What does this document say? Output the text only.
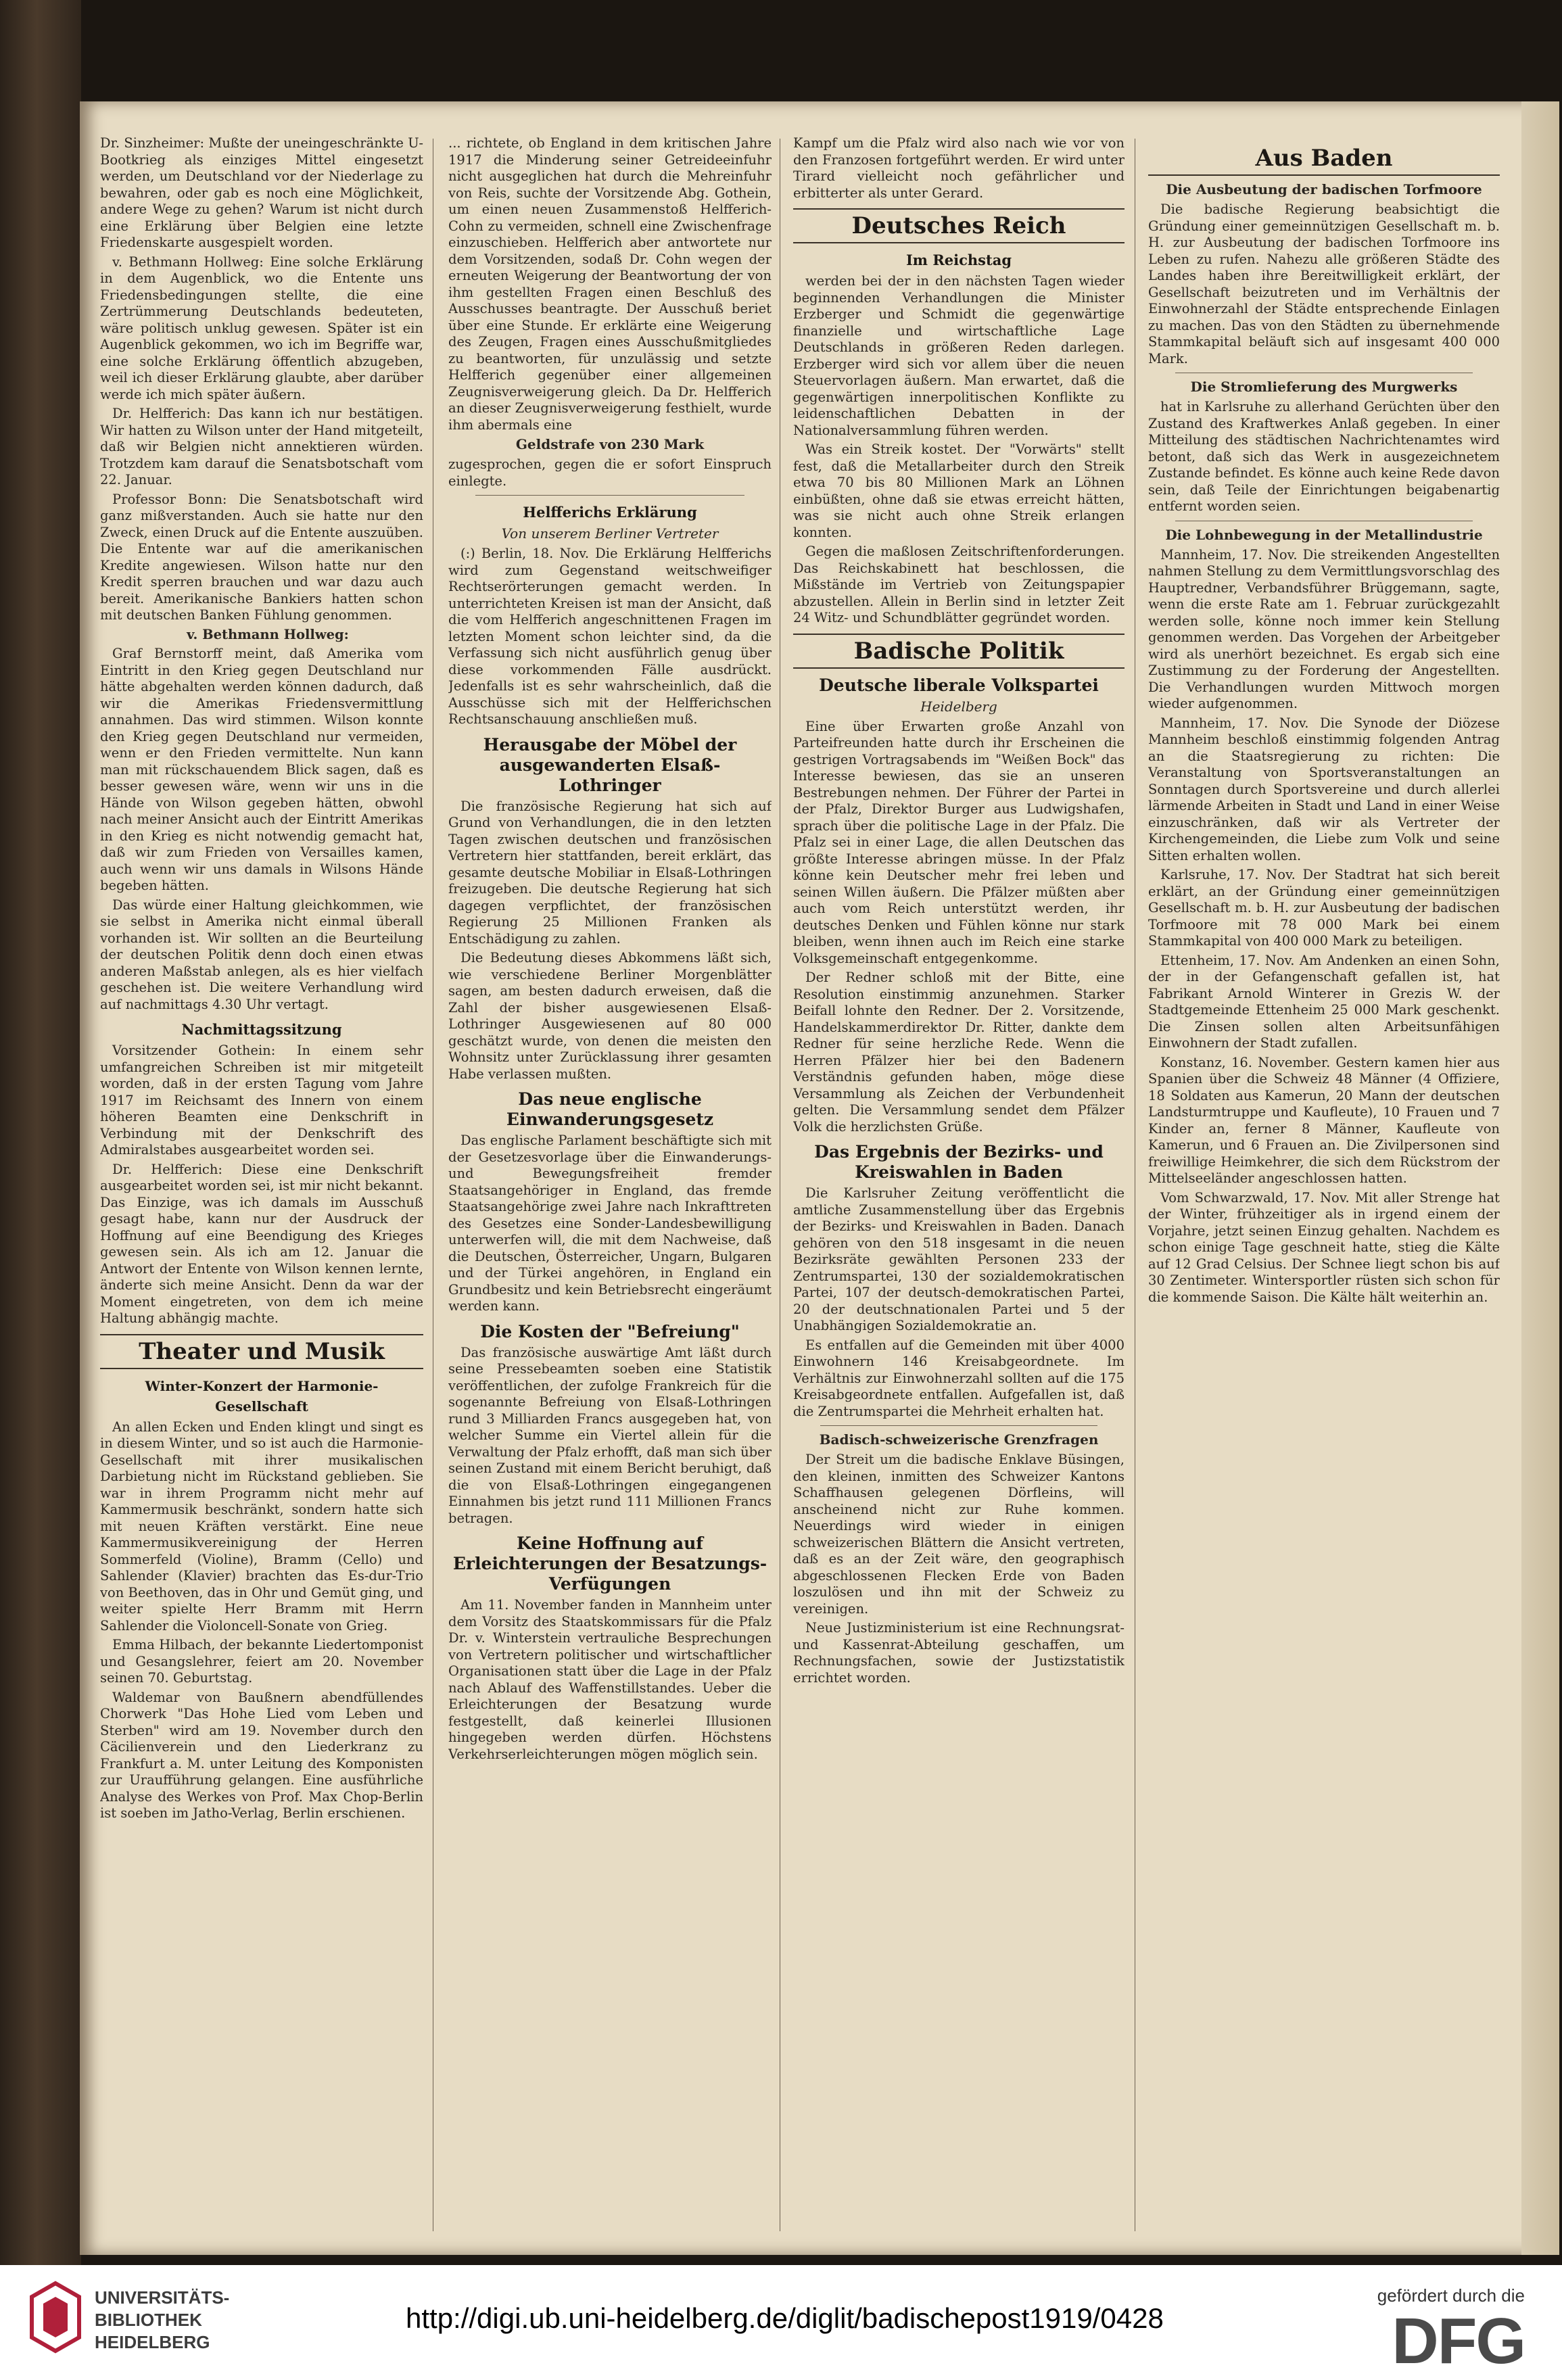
Dr. Sinzheimer: Mußte der uneingeschränkte U-Bootkrieg als einziges Mittel eingesetzt werden, um Deutschland vor der Niederlage zu bewahren, oder gab es noch eine Möglichkeit, andere Wege zu gehen? Warum ist nicht durch eine Erklärung über Belgien eine letzte Friedenskarte ausgespielt worden.

v. Bethmann Hollweg: Eine solche Erklärung in dem Augenblick, wo die Entente uns Friedensbedingungen stellte, die eine Zertrümmerung Deutschlands bedeuteten, wäre politisch unklug gewesen. Später ist ein Augenblick gekommen, wo ich im Begriffe war, eine solche Erklärung öffentlich abzugeben, weil ich dieser Erklärung glaubte, aber darüber werde ich mich später äußern.

Dr. Helfferich: Das kann ich nur bestätigen. Wir hatten zu Wilson unter der Hand mitgeteilt, daß wir Belgien nicht annektieren würden. Trotzdem kam darauf die Senatsbotschaft vom 22. Januar.

Professor Bonn: Die Senatsbotschaft wird ganz mißverstanden. Auch sie hatte nur den Zweck, einen Druck auf die Entente auszuüben. Die Entente war auf die amerikanischen Kredite angewiesen. Wilson hatte nur den Kredit sperren brauchen und war dazu auch bereit. Amerikanische Bankiers hatten schon mit deutschen Banken Fühlung genommen.

v. Bethmann Hollweg:

Graf Bernstorff meint, daß Amerika vom Eintritt in den Krieg gegen Deutschland nur hätte abgehalten werden können dadurch, daß wir die Amerikas Friedensvermittlung annahmen. Das wird stimmen. Wilson konnte den Krieg gegen Deutschland nur vermeiden, wenn er den Frieden vermittelte. Nun kann man mit rückschauendem Blick sagen, daß es besser gewesen wäre, wenn wir uns in die Hände von Wilson gegeben hätten, obwohl nach meiner Ansicht auch der Eintritt Amerikas in den Krieg es nicht notwendig gemacht hat, daß wir zum Frieden von Versailles kamen, auch wenn wir uns damals in Wilsons Hände begeben hätten.

Das würde einer Haltung gleichkommen, wie sie selbst in Amerika nicht einmal überall vorhanden ist. Wir sollten an die Beurteilung der deutschen Politik denn doch einen etwas anderen Maßstab anlegen, als es hier vielfach geschehen ist. Die weitere Verhandlung wird auf nachmittags 4.30 Uhr vertagt.

Nachmittagssitzung

Vorsitzender Gothein: In einem sehr umfangreichen Schreiben ist mir mitgeteilt worden, daß in der ersten Tagung vom Jahre 1917 im Reichsamt des Innern von einem höheren Beamten eine Denkschrift in Verbindung mit der Denkschrift des Admiralstabes ausgearbeitet worden sei.

Dr. Helfferich: Diese eine Denkschrift ausgearbeitet worden sei, ist mir nicht bekannt. Das Einzige, was ich damals im Ausschuß gesagt habe, kann nur der Ausdruck der Hoffnung auf eine Beendigung des Krieges gewesen sein. Als ich am 12. Januar die Antwort der Entente von Wilson kennen lernte, änderte sich meine Ansicht. Denn da war der Moment eingetreten, von dem ich meine Haltung abhängig machte.

Theater und Musik
Winter-Konzert der Harmonie-Gesellschaft

An allen Ecken und Enden klingt und singt es in diesem Winter, und so ist auch die Harmonie-Gesellschaft mit ihrer musikalischen Darbietung nicht im Rückstand geblieben. Sie war in ihrem Programm nicht mehr auf Kammermusik beschränkt, sondern hatte sich mit neuen Kräften verstärkt. Eine neue Kammermusikvereinigung der Herren Sommerfeld (Violine), Bramm (Cello) und Sahlender (Klavier) brachten das Es-dur-Trio von Beethoven, das in Ohr und Gemüt ging, und weiter spielte Herr Bramm mit Herrn Sahlender die Violoncell-Sonate von Grieg.

Emma Hilbach, der bekannte Liedertomponist und Gesangslehrer, feiert am 20. November seinen 70. Geburtstag.

Waldemar von Baußnern abendfüllendes Chorwerk "Das Hohe Lied vom Leben und Sterben" wird am 19. November durch den Cäcilienverein und den Liederkranz zu Frankfurt a. M. unter Leitung des Komponisten zur Uraufführung gelangen. Eine ausführliche Analyse des Werkes von Prof. Max Chop-Berlin ist soeben im Jatho-Verlag, Berlin erschienen.

... richtete, ob England in dem kritischen Jahre 1917 die Minderung seiner Getreideeinfuhr nicht ausgeglichen hat durch die Mehreinfuhr von Reis, suchte der Vorsitzende Abg. Gothein, um einen neuen Zusammenstoß Helfferich-Cohn zu vermeiden, schnell eine Zwischenfrage einzuschieben. Helfferich aber antwortete nur dem Vorsitzenden, sodaß Dr. Cohn wegen der erneuten Weigerung der Beantwortung der von ihm gestellten Fragen einen Beschluß des Ausschusses beantragte. Der Ausschuß beriet über eine Stunde. Er erklärte eine Weigerung des Zeugen, Fragen eines Ausschußmitgliedes zu beantworten, für unzulässig und setzte Helfferich gegenüber einer allgemeinen Zeugnisverweigerung gleich. Da Dr. Helfferich an dieser Zeugnisverweigerung festhielt, wurde ihm abermals eine

Geldstrafe von 230 Mark

zugesprochen, gegen die er sofort Einspruch einlegte.

Helfferichs Erklärung
Von unserem Berliner Vertreter

(:) Berlin, 18. Nov. Die Erklärung Helfferichs wird zum Gegenstand weitschweifiger Rechtserörterungen gemacht werden. In unterrichteten Kreisen ist man der Ansicht, daß die vom Helfferich angeschnittenen Fragen im letzten Moment schon leichter sind, da die Verfassung sich nicht ausführlich genug über diese vorkommenden Fälle ausdrückt. Jedenfalls ist es sehr wahrscheinlich, daß die Ausschüsse sich mit der Helfferichschen Rechtsanschauung anschließen muß.

Herausgabe der Möbel der ausgewanderten Elsaß-Lothringer

Die französische Regierung hat sich auf Grund von Verhandlungen, die in den letzten Tagen zwischen deutschen und französischen Vertretern hier stattfanden, bereit erklärt, das gesamte deutsche Mobiliar in Elsaß-Lothringen freizugeben. Die deutsche Regierung hat sich dagegen verpflichtet, der französischen Regierung 25 Millionen Franken als Entschädigung zu zahlen.

Die Bedeutung dieses Abkommens läßt sich, wie verschiedene Berliner Morgenblätter sagen, am besten dadurch erweisen, daß die Zahl der bisher ausgewiesenen Elsaß-Lothringer Ausgewiesenen auf 80 000 geschätzt wurde, von denen die meisten den Wohnsitz unter Zurücklassung ihrer gesamten Habe verlassen mußten.

Das neue englische Einwanderungsgesetz

Das englische Parlament beschäftigte sich mit der Gesetzesvorlage über die Einwanderungs- und Bewegungsfreiheit fremder Staatsangehöriger in England, das fremde Staatsangehörige zwei Jahre nach Inkrafttreten des Gesetzes eine Sonder-Landesbewilligung unterwerfen will, die mit dem Nachweise, daß die Deutschen, Österreicher, Ungarn, Bulgaren und der Türkei angehören, in England ein Grundbesitz und kein Betriebsrecht eingeräumt werden kann.

Die Kosten der "Befreiung"

Das französische auswärtige Amt läßt durch seine Pressebeamten soeben eine Statistik veröffentlichen, der zufolge Frankreich für die sogenannte Befreiung von Elsaß-Lothringen rund 3 Milliarden Francs ausgegeben hat, von welcher Summe ein Viertel allein für die Verwaltung der Pfalz erhofft, daß man sich über seinen Zustand mit einem Bericht beruhigt, daß die von Elsaß-Lothringen eingegangenen Einnahmen bis jetzt rund 111 Millionen Francs betragen.

Keine Hoffnung auf Erleichterungen der Besatzungs-Verfügungen

Am 11. November fanden in Mannheim unter dem Vorsitz des Staatskommissars für die Pfalz Dr. v. Winterstein vertrauliche Besprechungen von Vertretern politischer und wirtschaftlicher Organisationen statt über die Lage in der Pfalz nach Ablauf des Waffenstillstandes. Ueber die Erleichterungen der Besatzung wurde festgestellt, daß keinerlei Illusionen hingegeben werden dürfen. Höchstens Verkehrserleichterungen mögen möglich sein.

Kampf um die Pfalz wird also nach wie vor von den Franzosen fortgeführt werden. Er wird unter Tirard vielleicht noch gefährlicher und erbitterter als unter Gerard.

Deutsches Reich
Im Reichstag

werden bei der in den nächsten Tagen wieder beginnenden Verhandlungen die Minister Erzberger und Schmidt die gegenwärtige finanzielle und wirtschaftliche Lage Deutschlands in größeren Reden darlegen. Erzberger wird sich vor allem über die neuen Steuervorlagen äußern. Man erwartet, daß die gegenwärtigen innerpolitischen Konflikte zu leidenschaftlichen Debatten in der Nationalversammlung führen werden.

Was ein Streik kostet. Der "Vorwärts" stellt fest, daß die Metallarbeiter durch den Streik etwa 70 bis 80 Millionen Mark an Löhnen einbüßten, ohne daß sie etwas erreicht hätten, was sie nicht auch ohne Streik erlangen konnten.

Gegen die maßlosen Zeitschriftenforderungen. Das Reichskabinett hat beschlossen, die Mißstände im Vertrieb von Zeitungspapier abzustellen. Allein in Berlin sind in letzter Zeit 24 Witz- und Schundblätter gegründet worden.

Badische Politik
Deutsche liberale Volkspartei
Heidelberg

Eine über Erwarten große Anzahl von Parteifreunden hatte durch ihr Erscheinen die gestrigen Vortragsabends im "Weißen Bock" das Interesse bewiesen, das sie an unseren Bestrebungen nehmen. Der Führer der Partei in der Pfalz, Direktor Burger aus Ludwigshafen, sprach über die politische Lage in der Pfalz. Die Pfalz sei in einer Lage, die allen Deutschen das größte Interesse abringen müsse. In der Pfalz könne kein Deutscher mehr frei leben und seinen Willen äußern. Die Pfälzer müßten aber auch vom Reich unterstützt werden, ihr deutsches Denken und Fühlen könne nur stark bleiben, wenn ihnen auch im Reich eine starke Volksgemeinschaft entgegenkomme.

Der Redner schloß mit der Bitte, eine Resolution einstimmig anzunehmen. Starker Beifall lohnte den Redner. Der 2. Vorsitzende, Handelskammerdirektor Dr. Ritter, dankte dem Redner für seine herzliche Rede. Wenn die Herren Pfälzer hier bei den Badenern Verständnis gefunden haben, möge diese Versammlung als Zeichen der Verbundenheit gelten. Die Versammlung sendet dem Pfälzer Volk die herzlichsten Grüße.

Das Ergebnis der Bezirks- und Kreiswahlen in Baden

Die Karlsruher Zeitung veröffentlicht die amtliche Zusammenstellung über das Ergebnis der Bezirks- und Kreiswahlen in Baden. Danach gehören von den 518 insgesamt in die neuen Bezirksräte gewählten Personen 233 der Zentrumspartei, 130 der sozialdemokratischen Partei, 107 der deutsch-demokratischen Partei, 20 der deutschnationalen Partei und 5 der Unabhängigen Sozialdemokratie an.

Es entfallen auf die Gemeinden mit über 4000 Einwohnern 146 Kreisabgeordnete. Im Verhältnis zur Einwohnerzahl sollten auf die 175 Kreisabgeordnete entfallen. Aufgefallen ist, daß die Zentrumspartei die Mehrheit erhalten hat.

Badisch-schweizerische Grenzfragen

Der Streit um die badische Enklave Büsingen, den kleinen, inmitten des Schweizer Kantons Schaffhausen gelegenen Dörfleins, will anscheinend nicht zur Ruhe kommen. Neuerdings wird wieder in einigen schweizerischen Blättern die Ansicht vertreten, daß es an der Zeit wäre, den geographisch abgeschlossenen Flecken Erde von Baden loszulösen und ihn mit der Schweiz zu vereinigen.

Neue Justizministerium ist eine Rechnungsrat- und Kassenrat-Abteilung geschaffen, um Rechnungsfachen, sowie der Justizstatistik errichtet worden.

Aus Baden
Die Ausbeutung der badischen Torfmoore

Die badische Regierung beabsichtigt die Gründung einer gemeinnützigen Gesellschaft m. b. H. zur Ausbeutung der badischen Torfmoore ins Leben zu rufen. Nahezu alle größeren Städte des Landes haben ihre Bereitwilligkeit erklärt, der Gesellschaft beizutreten und im Verhältnis der Einwohnerzahl der Städte entsprechende Einlagen zu machen. Das von den Städten zu übernehmende Stammkapital beläuft sich auf insgesamt 400 000 Mark.

Die Stromlieferung des Murgwerks

hat in Karlsruhe zu allerhand Gerüchten über den Zustand des Kraftwerkes Anlaß gegeben. In einer Mitteilung des städtischen Nachrichtenamtes wird betont, daß sich das Werk in ausgezeichnetem Zustande befindet. Es könne auch keine Rede davon sein, daß Teile der Einrichtungen beigabenartig entfernt worden seien.

Die Lohnbewegung in der Metallindustrie

Mannheim, 17. Nov. Die streikenden Angestellten nahmen Stellung zu dem Vermittlungsvorschlag des Hauptredner, Verbandsführer Brüggemann, sagte, wenn die erste Rate am 1. Februar zurückgezahlt werden solle, könne noch immer kein Stellung genommen werden. Das Vorgehen der Arbeitgeber wird als unerhört bezeichnet. Es ergab sich eine Zustimmung zu der Forderung der Angestellten. Die Verhandlungen wurden Mittwoch morgen wieder aufgenommen.

Mannheim, 17. Nov. Die Synode der Diözese Mannheim beschloß einstimmig folgenden Antrag an die Staatsregierung zu richten: Die Veranstaltung von Sportsveranstaltungen an Sonntagen durch Sportsvereine und durch allerlei lärmende Arbeiten in Stadt und Land in einer Weise einzuschränken, daß wir als Vertreter der Kirchengemeinden, die Liebe zum Volk und seine Sitten erhalten wollen.

Karlsruhe, 17. Nov. Der Stadtrat hat sich bereit erklärt, an der Gründung einer gemeinnützigen Gesellschaft m. b. H. zur Ausbeutung der badischen Torfmoore mit 78 000 Mark bei einem Stammkapital von 400 000 Mark zu beteiligen.

Ettenheim, 17. Nov. Am Andenken an einen Sohn, der in der Gefangenschaft gefallen ist, hat Fabrikant Arnold Winterer in Grezis W. der Stadtgemeinde Ettenheim 25 000 Mark geschenkt. Die Zinsen sollen alten Arbeitsunfähigen Einwohnern der Stadt zufallen.

Konstanz, 16. November. Gestern kamen hier aus Spanien über die Schweiz 48 Männer (4 Offiziere, 18 Soldaten aus Kamerun, 20 Mann der deutschen Landsturmtruppe und Kaufleute), 10 Frauen und 7 Kinder an, ferner 8 Männer, Kaufleute von Kamerun, und 6 Frauen an. Die Zivilpersonen sind freiwillige Heimkehrer, die sich dem Rückstrom der Mittelseeländer angeschlossen hatten.

Vom Schwarzwald, 17. Nov. Mit aller Strenge hat der Winter, frühzeitiger als in irgend einem der Vorjahre, jetzt seinen Einzug gehalten. Nachdem es schon einige Tage geschneit hatte, stieg die Kälte auf 12 Grad Celsius. Der Schnee liegt schon bis auf 30 Zentimeter. Wintersportler rüsten sich schon für die kommende Saison. Die Kälte hält weiterhin an.

UNIVERSITÄTS- BIBLIOTHEK HEIDELBERG
http://digi.ub.uni-heidelberg.de/diglit/badischepost1919/0428
gefördert durch die
DFG
